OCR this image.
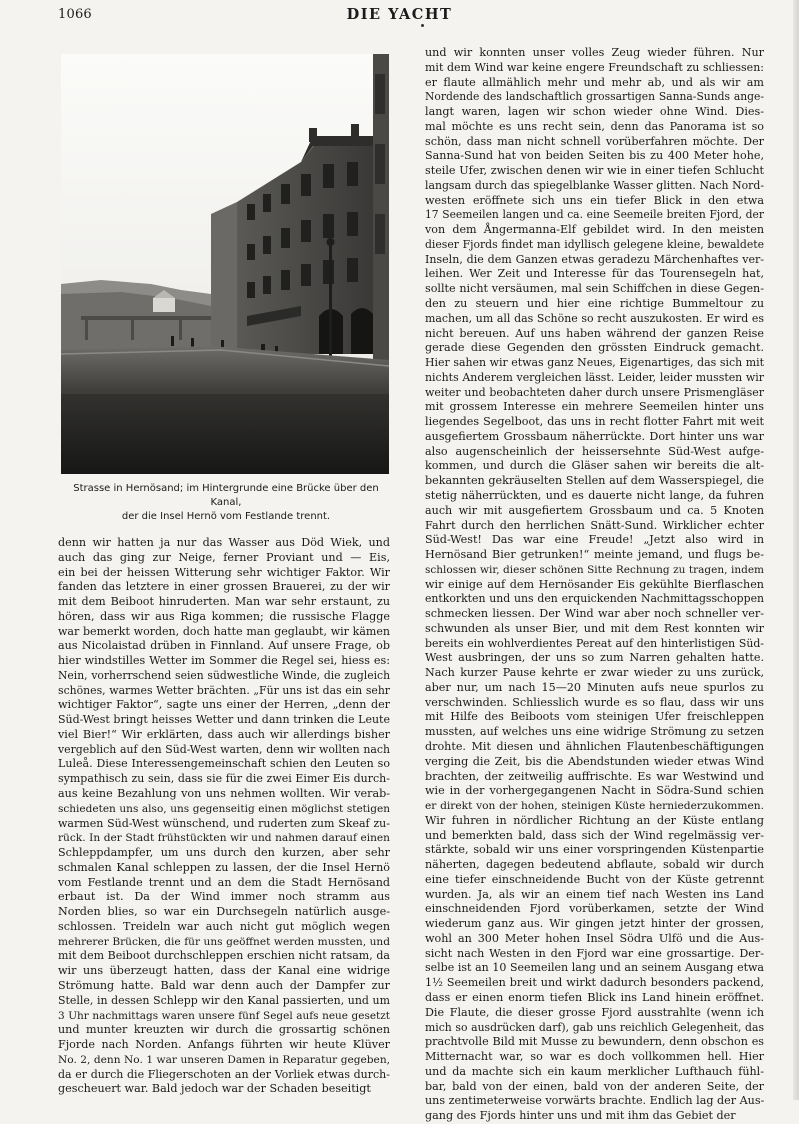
1066	DIE YACHT
Strasse in Hernösand; im Hintergrunde eine Brücke über den Kanal,
der die Insel Hernö vom Festlande trennt.
denn wir hatten ja nur das Wasser aus Död Wiek, und
auch das ging zur Neige, ferner Proviant und — Eis,
ein bei der heissen Witterung sehr wichtiger Faktor. Wir
fanden das letztere in einer grossen Brauerei, zu der wir
mit dem Beiboot hinruderten. Man war sehr erstaunt, zu
hören, dass wir aus Riga kommen; die russische Flagge
war bemerkt worden, doch hatte man geglaubt, wir kämen
aus Nicolaistad drüben in Finnland. Auf unsere Frage, ob
hier windstilles Wetter im Sommer die Regel sei, hiess es:
Nein, vorherrschend seien südwestliche Winde, die zugleich
schönes, warmes Wetter brächten. „Für uns ist das ein sehr
wichtiger Faktor“, sagte uns einer der Herren, „denn der
Süd-West bringt heisses Wetter und dann trinken die Leute
viel Bier!“ Wir erklärten, dass auch wir allerdings bisher
vergeblich auf den Süd-West warten, denn wir wollten nach
Luleå. Diese Interessengemeinschaft schien den Leuten so
sympathisch zu sein, dass sie für die zwei Eimer Eis durch-
aus keine Bezahlung von uns nehmen wollten. Wir verab-
schiedeten uns also, uns gegenseitig einen möglichst stetigen
warmen Süd-West wünschend, und ruderten zum Skeaf zu-
rück. In der Stadt frühstückten wir und nahmen darauf einen
Schleppdampfer, um uns durch den kurzen, aber sehr
schmalen Kanal schleppen zu lassen, der die Insel Hernö
vom Festlande trennt und an dem die Stadt Hernösand
erbaut ist. Da der Wind immer noch stramm aus
Norden blies, so war ein Durchsegeln natürlich ausge-
schlossen. Treideln war auch nicht gut möglich wegen
mehrerer Brücken, die für uns geöffnet werden mussten, und
mit dem Beiboot durchschleppen erschien nicht ratsam, da
wir uns überzeugt hatten, dass der Kanal eine widrige
Strömung hatte. Bald war denn auch der Dampfer zur
Stelle, in dessen Schlepp wir den Kanal passierten, und um
3 Uhr nachmittags waren unsere fünf Segel aufs neue gesetzt
und munter kreuzten wir durch die grossartig schönen
Fjorde nach Norden. Anfangs führten wir heute Klüver
No. 2, denn No. 1 war unseren Damen in Reparatur gegeben,
da er durch die Fliegerschoten an der Vorliek etwas durch-
gescheuert war. Bald jedoch war der Schaden beseitigt
und wir konnten unser volles Zeug wieder führen. Nur
mit dem Wind war keine engere Freundschaft zu schliessen:
er flaute allmählich mehr und mehr ab, und als wir am
Nordende des landschaftlich grossartigen Sanna-Sunds ange-
langt waren, lagen wir schon wieder ohne Wind. Dies-
mal möchte es uns recht sein, denn das Panorama ist so
schön, dass man nicht schnell vorüberfahren möchte. Der
Sanna-Sund hat von beiden Seiten bis zu 400 Meter hohe,
steile Ufer, zwischen denen wir wie in einer tiefen Schlucht
langsam durch das spiegelblanke Wasser glitten. Nach Nord-
westen eröffnete sich uns ein tiefer Blick in den etwa
17 Seemeilen langen und ca. eine Seemeile breiten Fjord, der
von dem Ångermanna-Elf gebildet wird. In den meisten
dieser Fjords findet man idyllisch gelegene kleine, bewaldete
Inseln, die dem Ganzen etwas geradezu Märchenhaftes ver-
leihen. Wer Zeit und Interesse für das Tourensegeln hat,
sollte nicht versäumen, mal sein Schiffchen in diese Gegen-
den zu steuern und hier eine richtige Bummeltour zu
machen, um all das Schöne so recht auszukosten. Er wird es
nicht bereuen. Auf uns haben während der ganzen Reise
gerade diese Gegenden den grössten Eindruck gemacht.
Hier sahen wir etwas ganz Neues, Eigenartiges, das sich mit
nichts Anderem vergleichen lässt. Leider, leider mussten wir
weiter und beobachteten daher durch unsere Prismengläser
mit grossem Interesse ein mehrere Seemeilen hinter uns
liegendes Segelboot, das uns in recht flotter Fahrt mit weit
ausgefiertem Grossbaum näherrückte. Dort hinter uns war
also augenscheinlich der heissersehnte Süd-West aufge-
kommen, und durch die Gläser sahen wir bereits die alt-
bekannten gekräuselten Stellen auf dem Wasserspiegel, die
stetig näherrückten, und es dauerte nicht lange, da fuhren
auch wir mit ausgefiertem Grossbaum und ca. 5 Knoten
Fahrt durch den herrlichen Snätt-Sund. Wirklicher echter
Süd-West! Das war eine Freude! „Jetzt also wird in
Hernösand Bier getrunken!“ meinte jemand, und flugs be-
schlossen wir, dieser schönen Sitte Rechnung zu tragen, indem
wir einige auf dem Hernösander Eis gekühlte Bierflaschen
entkorkten und uns den erquickenden Nachmittagsschoppen
schmecken liessen. Der Wind war aber noch schneller ver-
schwunden als unser Bier, und mit dem Rest konnten wir
bereits ein wohlverdientes Pereat auf den hinterlistigen Süd-
West ausbringen, der uns so zum Narren gehalten hatte.
Nach kurzer Pause kehrte er zwar wieder zu uns zurück,
aber nur, um nach 15—20 Minuten aufs neue spurlos zu
verschwinden. Schliesslich wurde es so flau, dass wir uns
mit Hilfe des Beiboots vom steinigen Ufer freischleppen
mussten, auf welches uns eine widrige Strömung zu setzen
drohte. Mit diesen und ähnlichen Flautenbeschäftigungen
verging die Zeit, bis die Abendstunden wieder etwas Wind
brachten, der zeitweilig auffrischte. Es war Westwind und
wie in der vorhergegangenen Nacht in Södra-Sund schien
er direkt von der hohen, steinigen Küste herniederzukommen.
Wir fuhren in nördlicher Richtung an der Küste entlang
und bemerkten bald, dass sich der Wind regelmässig ver-
stärkte, sobald wir uns einer vorspringenden Küstenpartie
näherten, dagegen bedeutend abflaute, sobald wir durch
eine tiefer einschneidende Bucht von der Küste getrennt
wurden. Ja, als wir an einem tief nach Westen ins Land
einschneidenden Fjord vorüberkamen, setzte der Wind
wiederum ganz aus. Wir gingen jetzt hinter der grossen,
wohl an 300 Meter hohen Insel Södra Ulfö und die Aus-
sicht nach Westen in den Fjord war eine grossartige. Der-
selbe ist an 10 Seemeilen lang und an seinem Ausgang etwa
1½ Seemeilen breit und wirkt dadurch besonders packend,
dass er einen enorm tiefen Blick ins Land hinein eröffnet.
Die Flaute, die dieser grosse Fjord ausstrahlte (wenn ich
mich so ausdrücken darf), gab uns reichlich Gelegenheit, das
prachtvolle Bild mit Musse zu bewundern, denn obschon es
Mitternacht war, so war es doch vollkommen hell. Hier
und da machte sich ein kaum merklicher Lufthauch fühl-
bar, bald von der einen, bald von der anderen Seite, der
uns zentimeterweise vorwärts brachte. Endlich lag der Aus-
gang des Fjords hinter uns und mit ihm das Gebiet der
